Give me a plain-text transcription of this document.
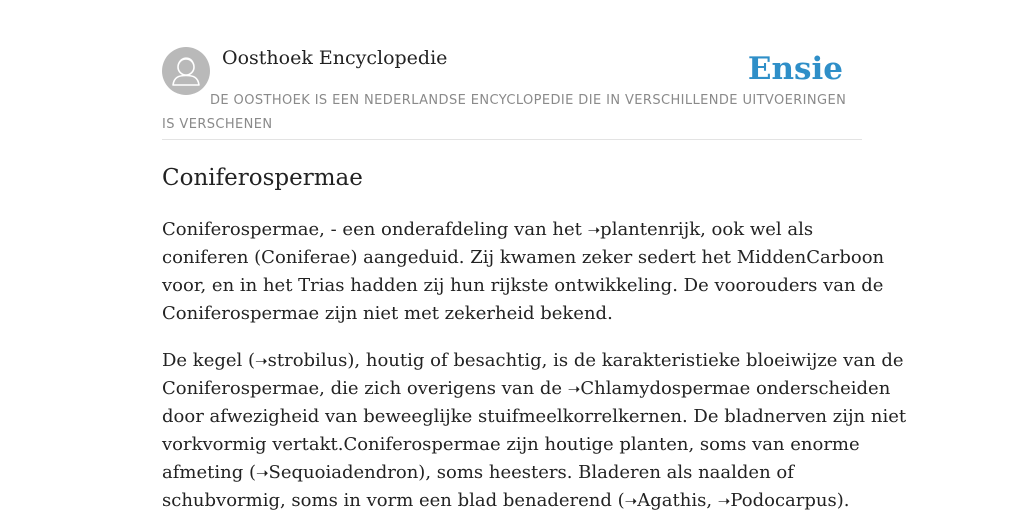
Oosthoek Encyclopedie	Ensie

DE OOSTHOEK IS EEN NEDERLANDSE ENCYCLOPEDIE DIE IN VERSCHILLENDE UITVOERINGEN IS VERSCHENEN

Coniferospermae

Coniferospermae, - een onderafdeling van het ➝plantenrijk, ook wel als
coniferen (Coniferae) aangeduid. Zij kwamen zeker sedert het MiddenCarboon
voor, en in het Trias hadden zij hun rijkste ontwikkeling. De voorouders van de
Coniferospermae zijn niet met zekerheid bekend.

De kegel (➝strobilus), houtig of besachtig, is de karakteristieke bloeiwijze van de
Coniferospermae, die zich overigens van de ➝Chlamydospermae onderscheiden
door afwezigheid van beweeglijke stuifmeelkorrelkernen. De bladnerven zijn niet
vorkvormig vertakt.Coniferospermae zijn houtige planten, soms van enorme
afmeting (➝Sequoiadendron), soms heesters. Bladeren als naalden of
schubvormig, soms in vorm een blad benaderend (➝Agathis, ➝Podocarpus).
